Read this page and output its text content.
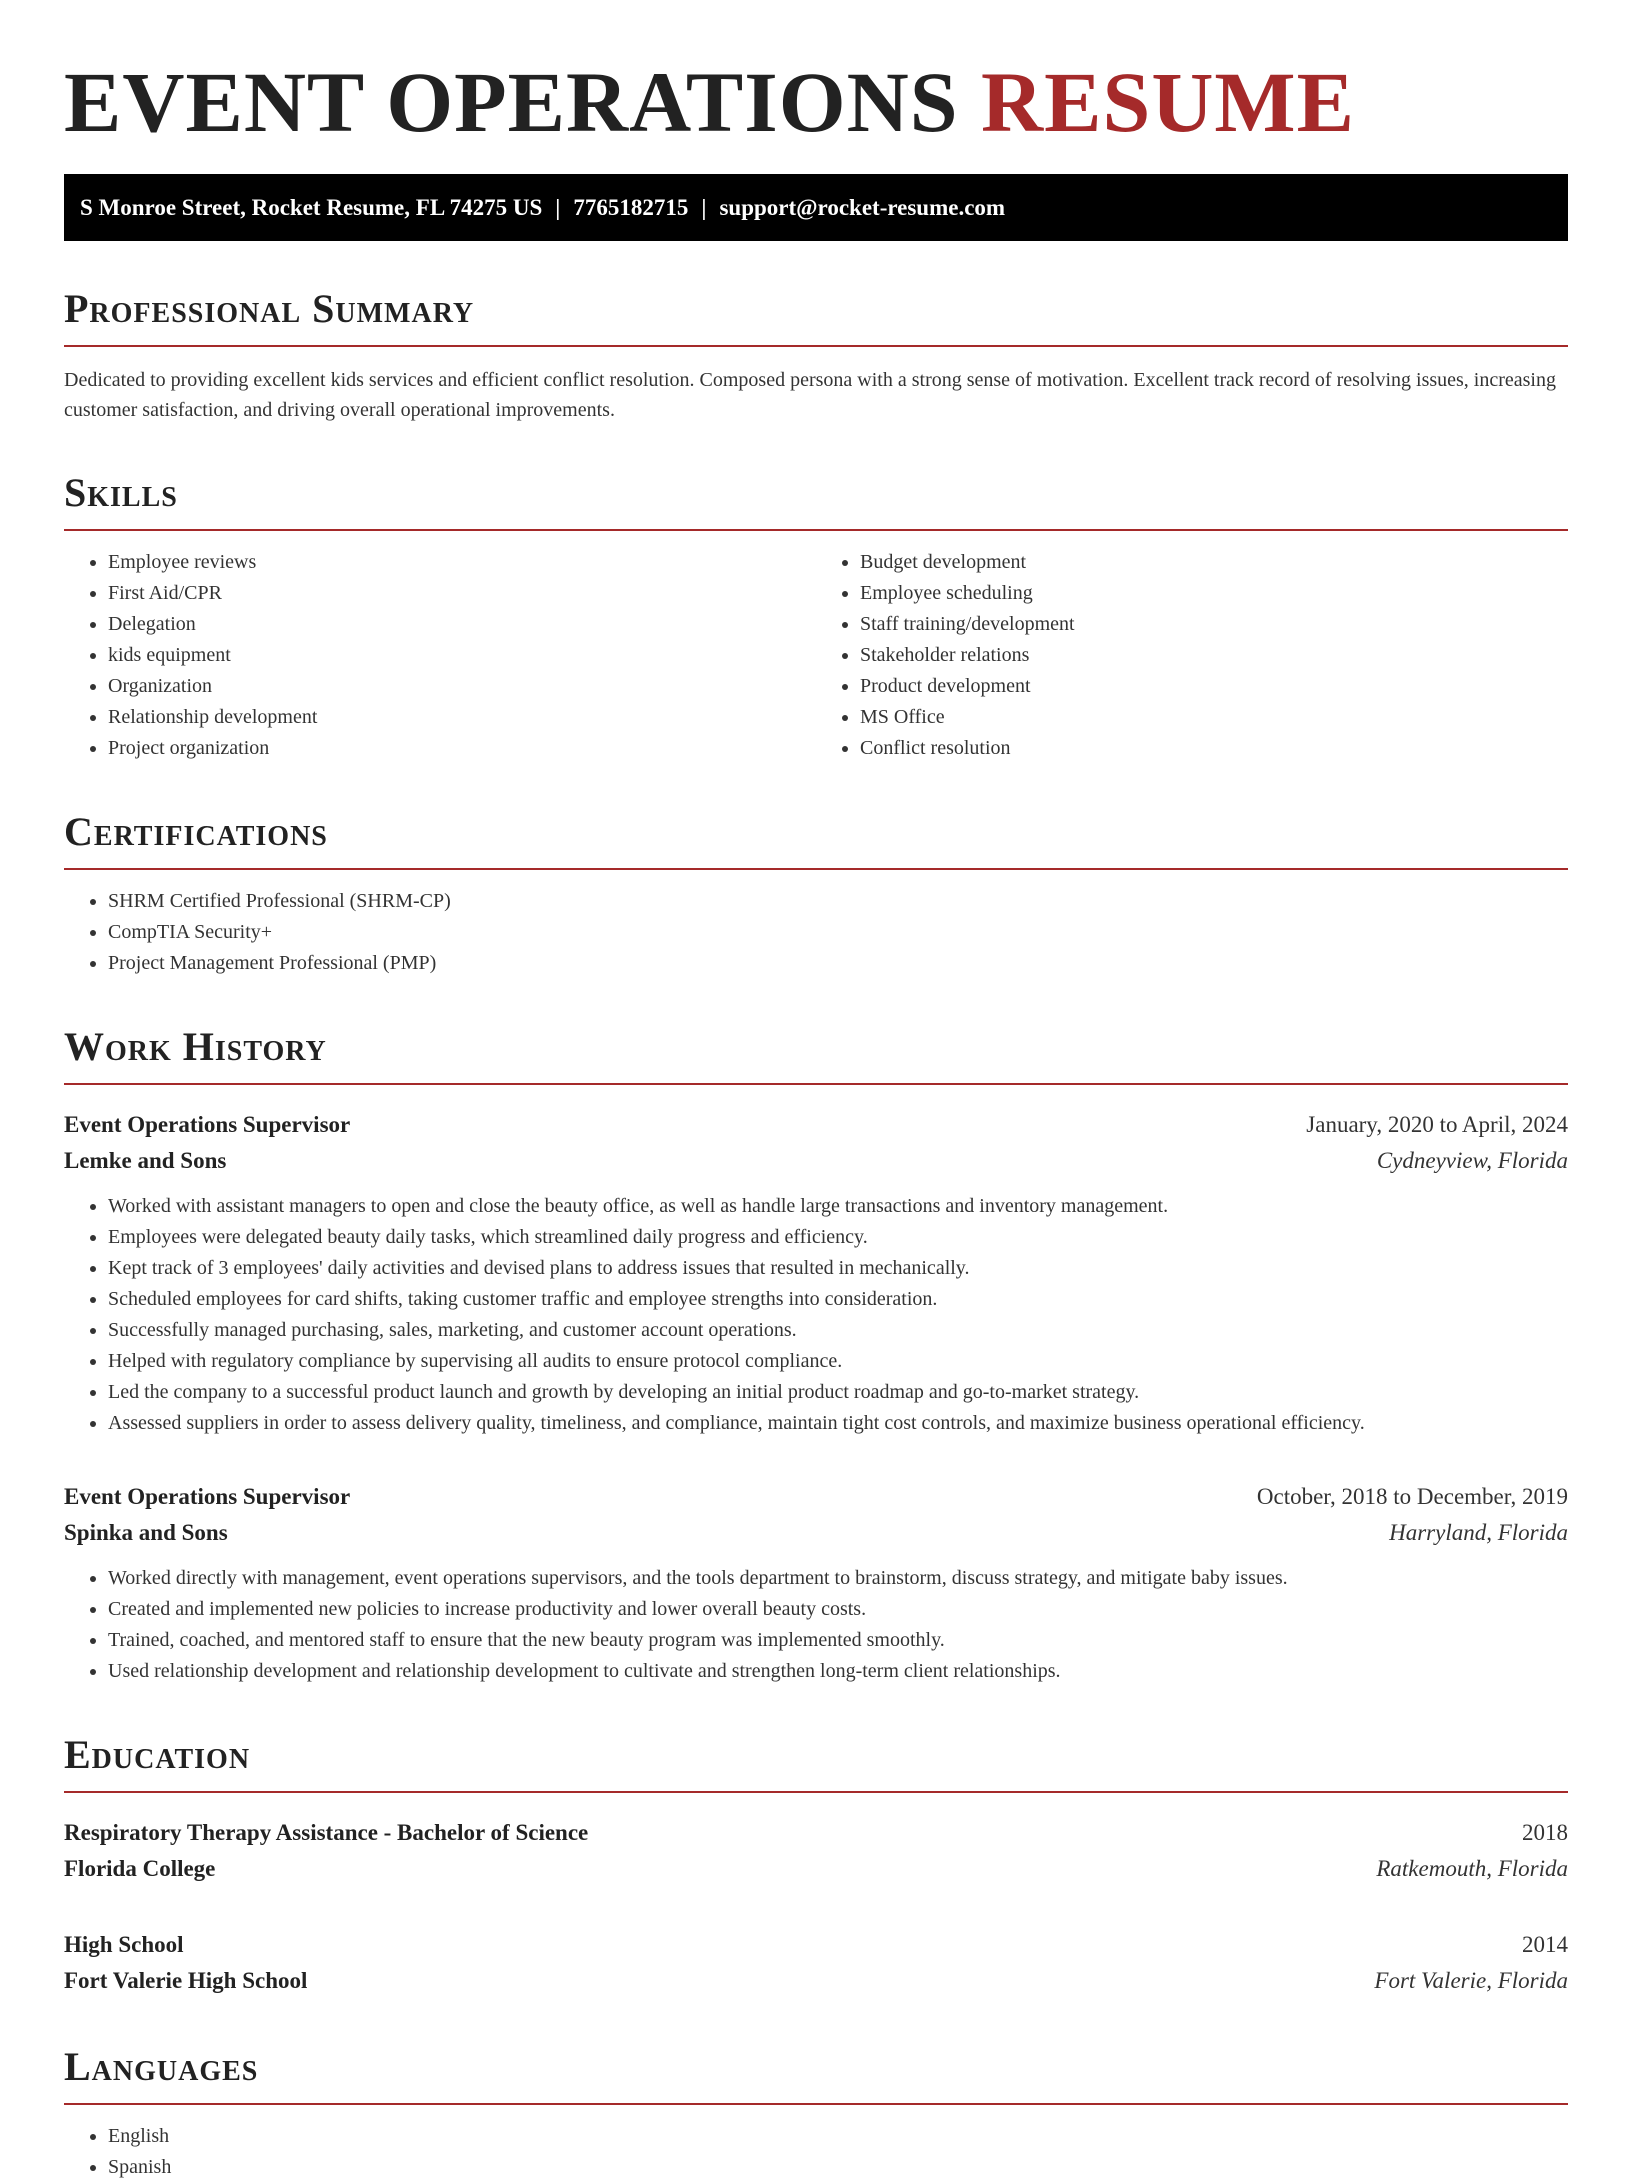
EVENT OPERATIONS RESUME
S Monroe Street, Rocket Resume, FL 74275 US | 7765182715 | support@rocket-resume.com
Professional Summary

Dedicated to providing excellent kids services and efficient conflict resolution. Composed persona with a strong sense of motivation. Excellent track record of resolving issues, increasing customer satisfaction, and driving overall operational improvements.

Skills
• Employee reviews
• First Aid/CPR
• Delegation
• kids equipment
• Organization
• Relationship development
• Project organization
• Budget development
• Employee scheduling
• Staff training/development
• Stakeholder relations
• Product development
• MS Office
• Conflict resolution
Certifications
• SHRM Certified Professional (SHRM-CP)
• CompTIA Security+
• Project Management Professional (PMP)
Work History
Event Operations Supervisor	January, 2020 to April, 2024
Lemke and Sons	Cydneyview, Florida
• Worked with assistant managers to open and close the beauty office, as well as handle large transactions and inventory management.
• Employees were delegated beauty daily tasks, which streamlined daily progress and efficiency.
• Kept track of 3 employees' daily activities and devised plans to address issues that resulted in mechanically.
• Scheduled employees for card shifts, taking customer traffic and employee strengths into consideration.
• Successfully managed purchasing, sales, marketing, and customer account operations.
• Helped with regulatory compliance by supervising all audits to ensure protocol compliance.
• Led the company to a successful product launch and growth by developing an initial product roadmap and go-to-market strategy.
• Assessed suppliers in order to assess delivery quality, timeliness, and compliance, maintain tight cost controls, and maximize business operational efficiency.
Event Operations Supervisor	October, 2018 to December, 2019
Spinka and Sons	Harryland, Florida
• Worked directly with management, event operations supervisors, and the tools department to brainstorm, discuss strategy, and mitigate baby issues.
• Created and implemented new policies to increase productivity and lower overall beauty costs.
• Trained, coached, and mentored staff to ensure that the new beauty program was implemented smoothly.
• Used relationship development and relationship development to cultivate and strengthen long-term client relationships.
Education
Respiratory Therapy Assistance - Bachelor of Science	2018
Florida College	Ratkemouth, Florida
High School	2014
Fort Valerie High School	Fort Valerie, Florida
Languages
• English
• Spanish
